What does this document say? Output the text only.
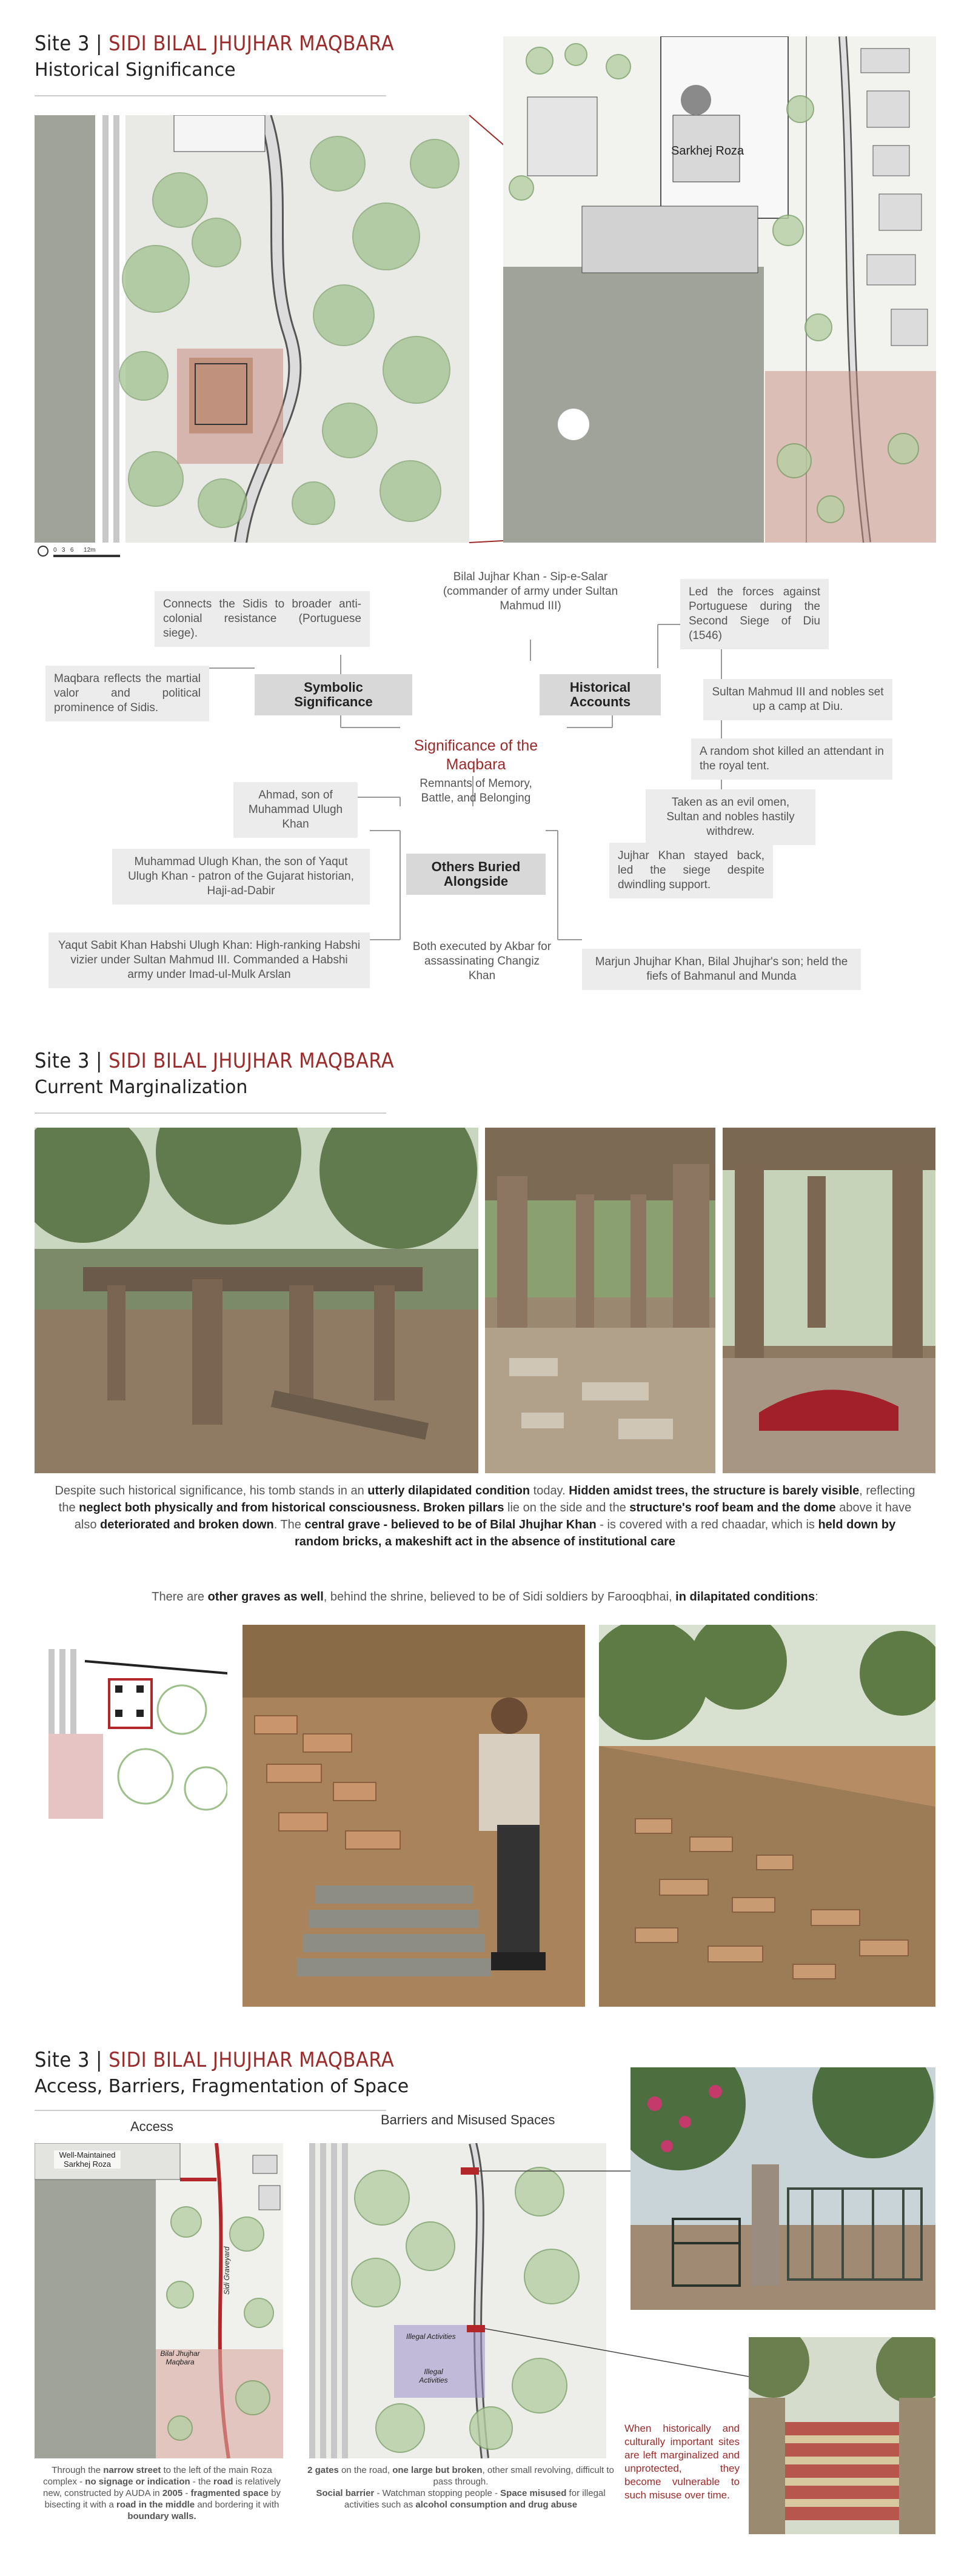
Site 3 | SIDI BILAL JHUJHAR MAQBARA
Historical Significance
0 3 6 12m
Sarkhej Roza
Connects the Sidis to broader anti-colonial resistance (Portuguese siege).
Maqbara reflects the martial valor and political prominence of Sidis.
Symbolic Significance
Bilal Jujhar Khan - Sip-e-Salar (commander of army under Sultan Mahmud III)
Historical Accounts
Led the forces against Portuguese during the Second Siege of Diu (1546)
Sultan Mahmud III and nobles set up a camp at Diu.
A random shot killed an attendant in the royal tent.
Taken as an evil omen, Sultan and nobles hastily withdrew.
Jujhar Khan stayed back, led the siege despite dwindling support.
Significance of the Maqbara
Remnants of Memory, Battle, and Belonging
Others Buried Alongside
Ahmad, son of Muhammad Ulugh Khan
Muhammad Ulugh Khan, the son of Yaqut Ulugh Khan - patron of the Gujarat historian, Haji-ad-Dabir
Yaqut Sabit Khan Habshi Ulugh Khan: High-ranking Habshi vizier under Sultan Mahmud III. Commanded a Habshi army under Imad-ul-Mulk Arslan
Both executed by Akbar for assassinating Changiz Khan
Marjun Jhujhar Khan, Bilal Jhujhar's son; held the fiefs of Bahmanul and Munda
Site 3 | SIDI BILAL JHUJHAR MAQBARA
Current Marginalization
Despite such historical significance, his tomb stands in an utterly dilapidated condition today. Hidden amidst trees, the structure is barely visible, reflecting the neglect both physically and from historical consciousness. Broken pillars lie on the side and the structure's roof beam and the dome above it have also deteriorated and broken down. The central grave - believed to be of Bilal Jhujhar Khan - is covered with a red chaadar, which is held down by random bricks, a makeshift act in the absence of institutional care
There are other graves as well, behind the shrine, believed to be of Sidi soldiers by Farooqbhai, in dilapitated conditions:
Site 3 | SIDI BILAL JHUJHAR MAQBARA
Access, Barriers, Fragmentation of Space
Access	Barriers and Misused Spaces
Well-Maintained Sarkhej Roza
Bilal Jhujhar Maqbara
Sidi Graveyard
Illegal Activities
Illegal Activities
When historically and culturally important sites are left marginalized and unprotected, they become vulnerable to such misuse over time.
Through the narrow street to the left of the main Roza complex - no signage or indication - the road is relatively new, constructed by AUDA in 2005 - fragmented space by bisecting it with a road in the middle and bordering it with boundary walls.
2 gates on the road, one large but broken, other small revolving, difficult to pass through.
Social barrier - Watchman stopping people - Space misused for illegal activities such as alcohol consumption and drug abuse
